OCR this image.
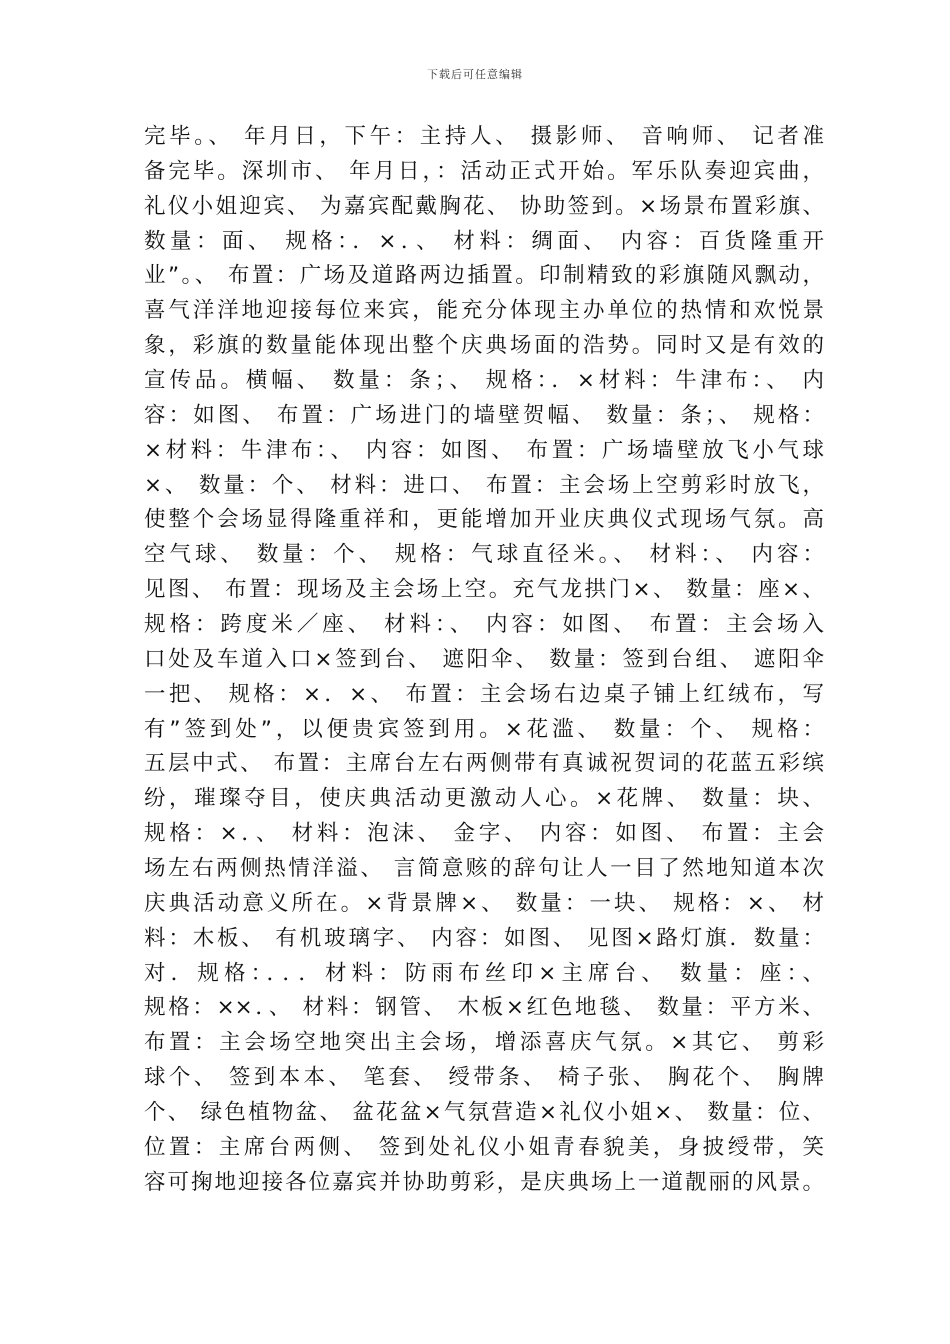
下载后可任意编辑
完毕。、 年月日，下午：主持人、 摄影师、 音响师、 记者准
备完毕。深圳市、 年月日，：活动正式开始。军乐队奏迎宾曲，
礼仪小姐迎宾、 为嘉宾配戴胸花、 协助签到。×场景布置彩旗、
数量：面、 规格：．×．、 材料：绸面、 内容：百货隆重开
业”。、 布置：广场及道路两边插置。印制精致的彩旗随风飘动，
喜气洋洋地迎接每位来宾，能充分体现主办单位的热情和欢悦景
象，彩旗的数量能体现出整个庆典场面的浩势。同时又是有效的
宣传品。横幅、 数量：条；、 规格：．×材料：牛津布：、 内
容：如图、 布置：广场进门的墙壁贺幅、 数量：条；、 规格：
×材料：牛津布：、 内容：如图、 布置：广场墙壁放飞小气球
×、 数量：个、 材料：进口、 布置：主会场上空剪彩时放飞，
使整个会场显得隆重祥和，更能增加开业庆典仪式现场气氛。高
空气球、 数量：个、 规格：气球直径米。、 材料：、 内容：
见图、 布置：现场及主会场上空。充气龙拱门×、 数量：座×、
规格：跨度米／座、 材料：、 内容：如图、 布置：主会场入
口处及车道入口×签到台、 遮阳伞、 数量：签到台组、 遮阳伞
一把、 规格：×．×、 布置：主会场右边桌子铺上红绒布，写
有”签到处”，以便贵宾签到用。×花滥、 数量：个、 规格：
五层中式、 布置：主席台左右两侧带有真诚祝贺词的花蓝五彩缤
纷，璀璨夺目，使庆典活动更激动人心。×花牌、 数量：块、
规格：×．、 材料：泡沫、 金字、 内容：如图、 布置：主会
场左右两侧热情洋溢、 言简意赅的辞句让人一目了然地知道本次
庆典活动意义所在。×背景牌×、 数量：一块、 规格：×、 材
料：木板、 有机玻璃字、 内容：如图、 见图×路灯旗．数量：
对．规格：．．．材料：防雨布丝印×主席台、 数量：座：、
规格：××．、 材料：钢管、 木板×红色地毯、 数量：平方米、
布置：主会场空地突出主会场，增添喜庆气氛。×其它、 剪彩
球个、 签到本本、 笔套、 绶带条、 椅子张、 胸花个、 胸牌
个、 绿色植物盆、 盆花盆×气氛营造×礼仪小姐×、 数量：位、
位置：主席台两侧、 签到处礼仪小姐青春貌美，身披绶带，笑
容可掬地迎接各位嘉宾并协助剪彩，是庆典场上一道靓丽的风景。
